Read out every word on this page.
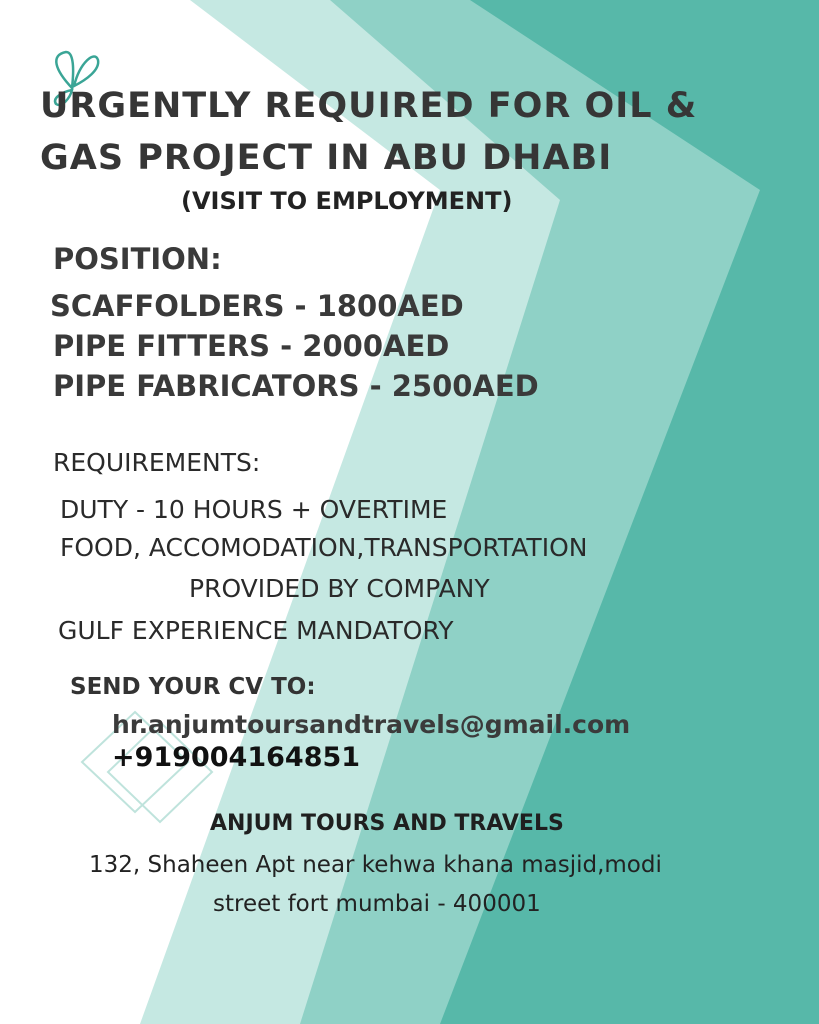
URGENTLY REQUIRED FOR OIL &
GAS PROJECT IN ABU DHABI
(VISIT TO EMPLOYMENT)
POSITION:
SCAFFOLDERS - 1800AED
PIPE FITTERS - 2000AED
PIPE FABRICATORS - 2500AED
REQUIREMENTS:
DUTY - 10 HOURS + OVERTIME
FOOD, ACCOMODATION,TRANSPORTATION
PROVIDED BY COMPANY
GULF EXPERIENCE MANDATORY
SEND YOUR CV TO:
hr.anjumtoursandtravels@gmail.com
+919004164851
ANJUM TOURS AND TRAVELS
132, Shaheen Apt near kehwa khana masjid,modi
street fort mumbai - 400001
